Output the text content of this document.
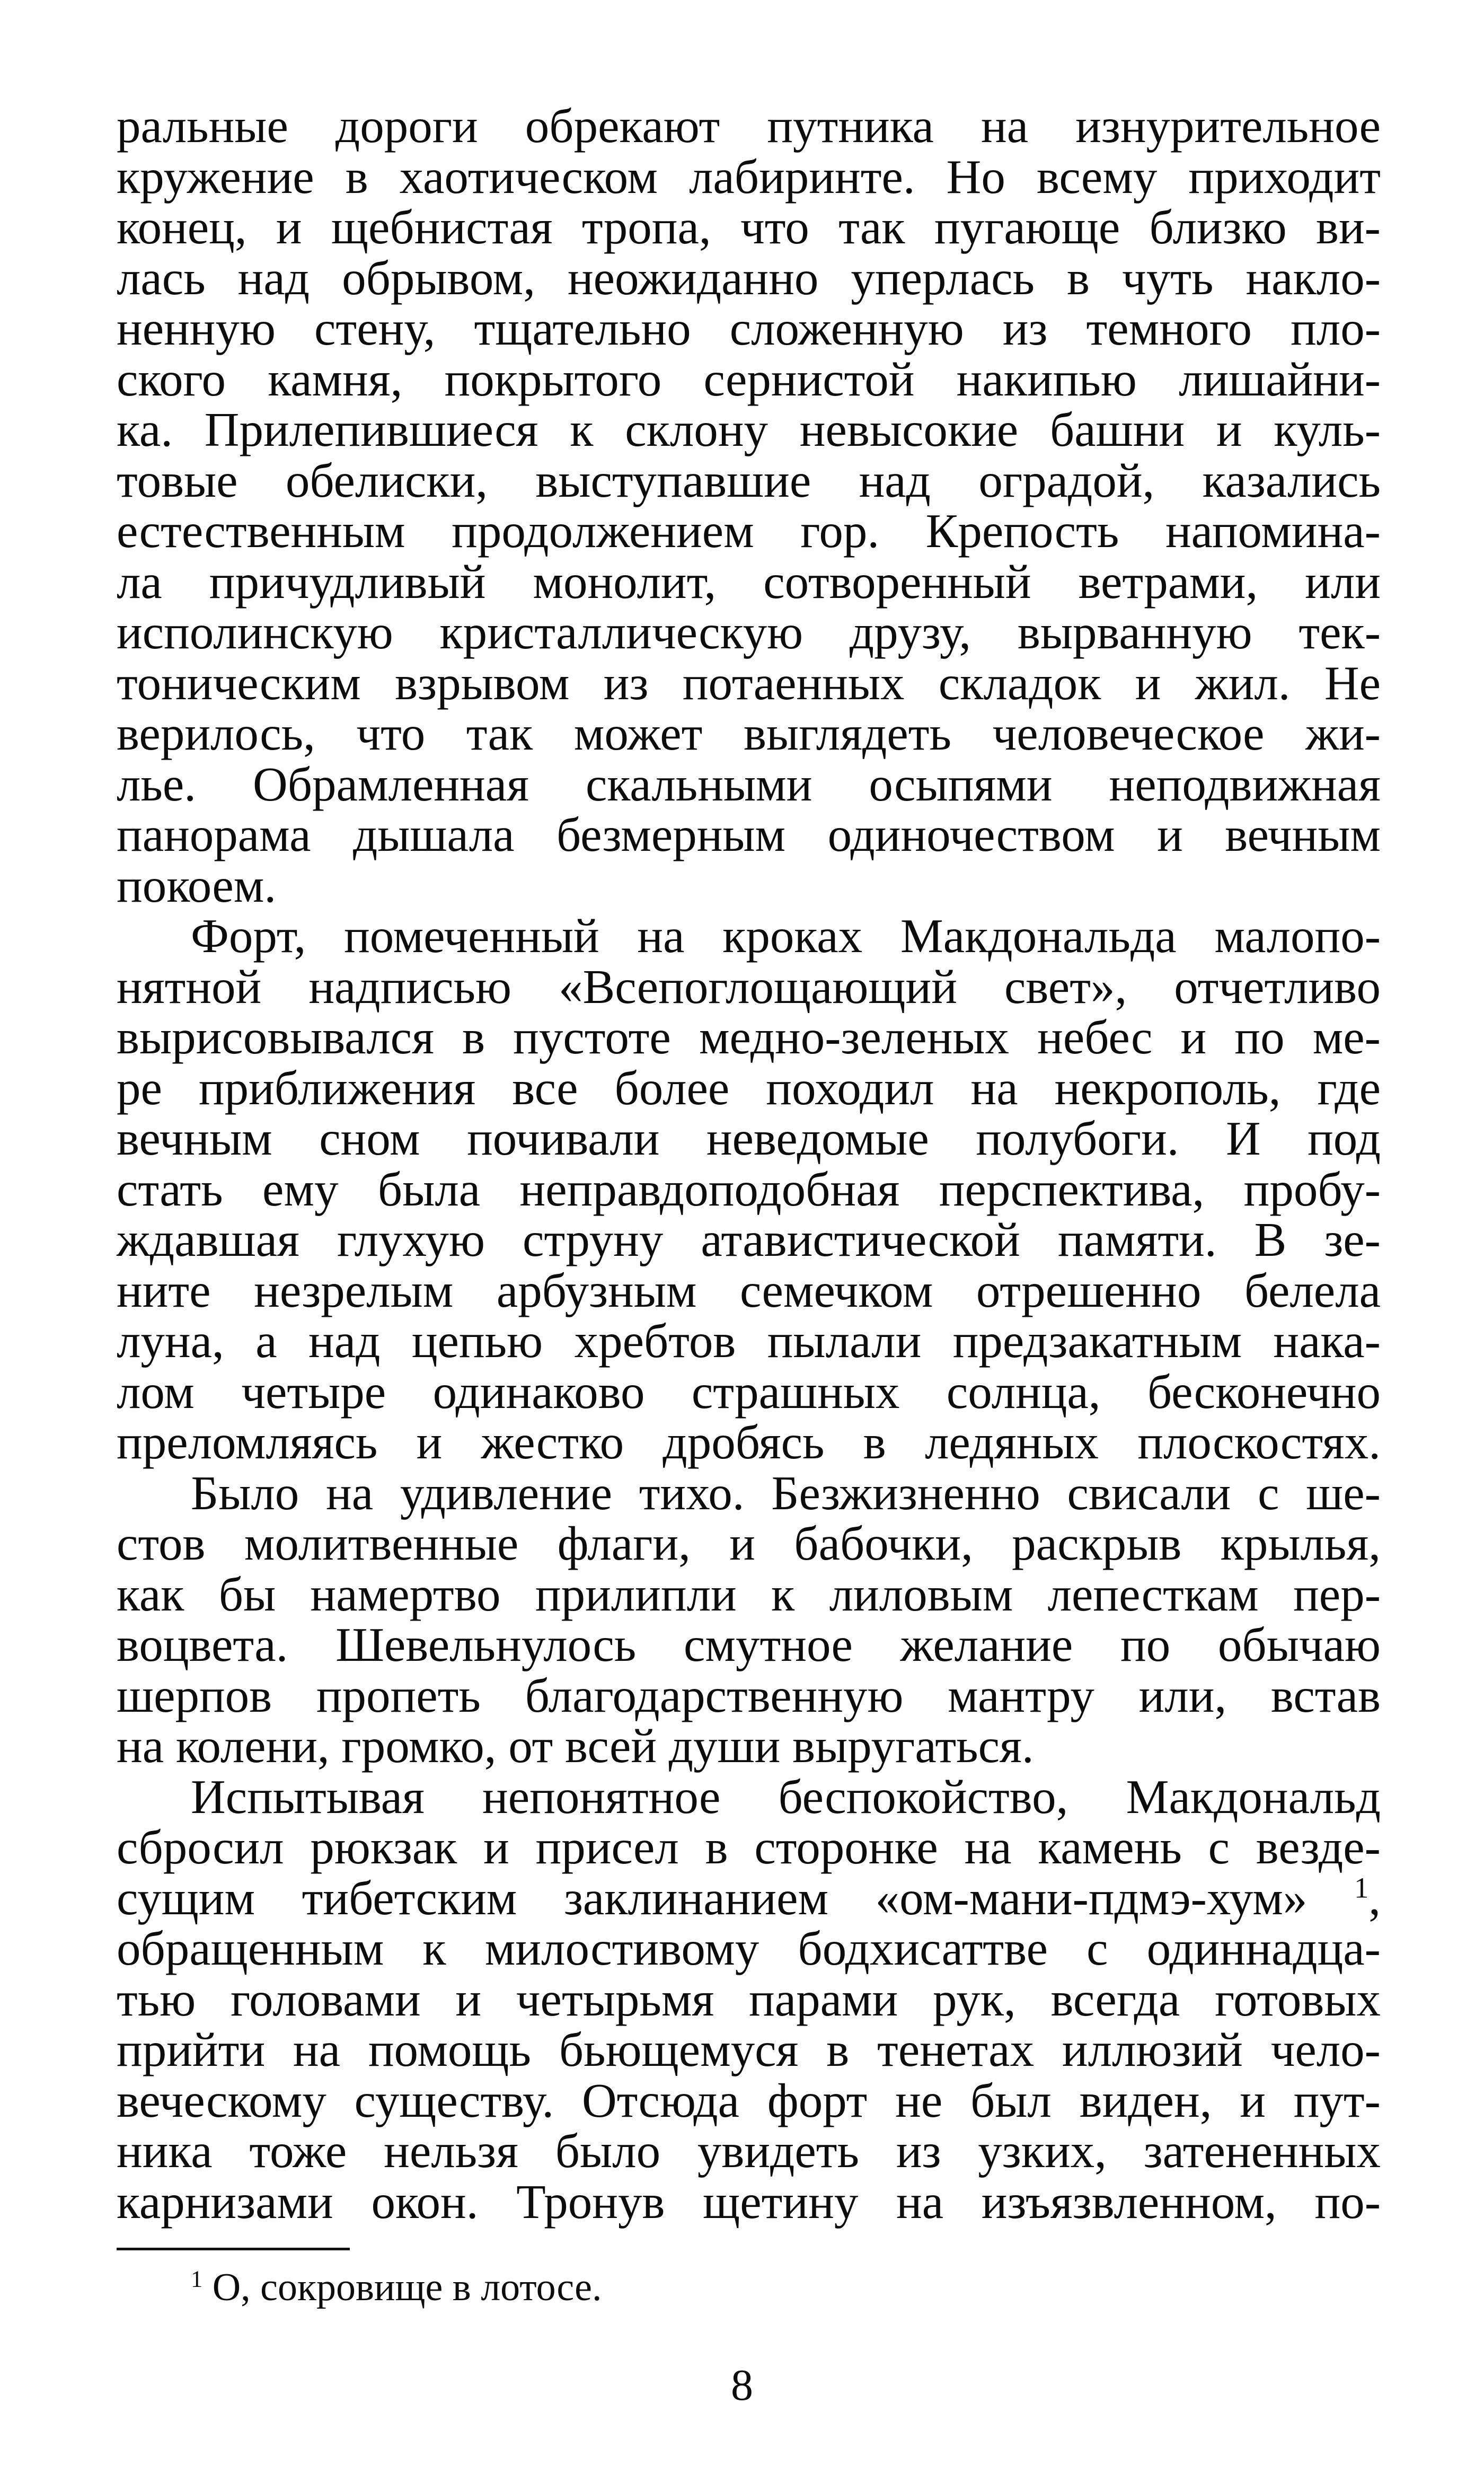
ральные дороги обрекают путника на изнурительное
кружение в хаотическом лабиринте. Но всему приходит
конец, и щебнистая тропа, что так пугающе близко ви-
лась над обрывом, неожиданно уперлась в чуть накло-
ненную стену, тщательно сложенную из темного пло-
ского камня, покрытого сернистой накипью лишайни-
ка. Прилепившиеся к склону невысокие башни и куль-
товые обелиски, выступавшие над оградой, казались
естественным продолжением гор. Крепость напомина-
ла причудливый монолит, сотворенный ветрами, или
исполинскую кристаллическую друзу, вырванную тек-
тоническим взрывом из потаенных складок и жил. Не
верилось, что так может выглядеть человеческое жи-
лье. Обрамленная скальными осыпями неподвижная
панорама дышала безмерным одиночеством и вечным
покоем.
Форт, помеченный на кроках Макдональда малопо-
нятной надписью «Всепоглощающий свет», отчетливо
вырисовывался в пустоте медно-зеленых небес и по ме-
ре приближения все более походил на некрополь, где
вечным сном почивали неведомые полубоги. И под
стать ему была неправдоподобная перспектива, пробу-
ждавшая глухую струну атавистической памяти. В зе-
ните незрелым арбузным семечком отрешенно белела
луна, а над цепью хребтов пылали предзакатным нака-
лом четыре одинаково страшных солнца, бесконечно
преломляясь и жестко дробясь в ледяных плоскостях.
Было на удивление тихо. Безжизненно свисали с ше-
стов молитвенные флаги, и бабочки, раскрыв крылья,
как бы намертво прилипли к лиловым лепесткам пер-
воцвета. Шевельнулось смутное желание по обычаю
шерпов пропеть благодарственную мантру или, встав
на колени, громко, от всей души выругаться.
Испытывая непонятное беспокойство, Макдональд
сбросил рюкзак и присел в сторонке на камень с везде-
сущим тибетским заклинанием «ом-мани-пдмэ-хум» $^1$,
обращенным к милостивому бодхисаттве с одиннадца-
тью головами и четырьмя парами рук, всегда готовых
прийти на помощь бьющемуся в тенетах иллюзий чело-
веческому существу. Отсюда форт не был виден, и пут-
ника тоже нельзя было увидеть из узких, затененных
карнизами окон. Тронув щетину на изъязвленном, по-
$^1$ О, сокровище в лотосе.
8
